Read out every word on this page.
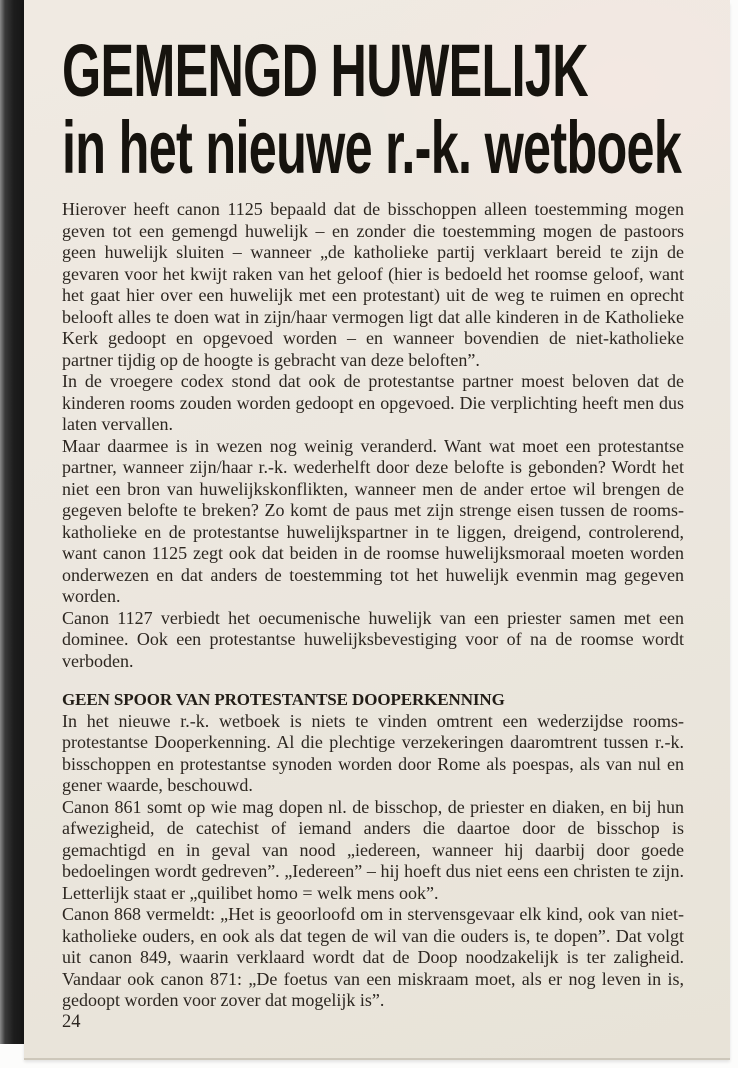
GEMENGD HUWELIJK
in het nieuwe r.-k. wetboek

Hierover heeft canon 1125 bepaald dat de bisschoppen alleen toestemming mogen geven tot een gemengd huwelijk – en zonder die toestemming mogen de pastoors geen huwelijk sluiten – wanneer „de katholieke partij verklaart bereid te zijn de gevaren voor het kwijt raken van het geloof (hier is bedoeld het roomse geloof, want het gaat hier over een huwelijk met een protestant) uit de weg te ruimen en oprecht belooft alles te doen wat in zijn/haar vermogen ligt dat alle kinderen in de Katholieke Kerk gedoopt en opgevoed worden – en wanneer bovendien de niet-katholieke partner tijdig op de hoogte is gebracht van deze beloften”.

In de vroegere codex stond dat ook de protestantse partner moest beloven dat de kinderen rooms zouden worden gedoopt en opgevoed. Die verplichting heeft men dus laten vervallen.

Maar daarmee is in wezen nog weinig veranderd. Want wat moet een protestantse partner, wanneer zijn/haar r.-k. wederhelft door deze belofte is gebonden? Wordt het niet een bron van huwelijkskonflikten, wanneer men de ander ertoe wil brengen de gegeven belofte te breken? Zo komt de paus met zijn strenge eisen tussen de rooms-katholieke en de protestantse huwelijkspartner in te liggen, dreigend, controlerend, want canon 1125 zegt ook dat beiden in de roomse huwelijksmoraal moeten worden onderwezen en dat anders de toestemming tot het huwelijk evenmin mag gegeven worden.

Canon 1127 verbiedt het oecumenische huwelijk van een priester samen met een dominee. Ook een protestantse huwelijksbevestiging voor of na de roomse wordt verboden.

GEEN SPOOR VAN PROTESTANTSE DOOPERKENNING

In het nieuwe r.-k. wetboek is niets te vinden omtrent een wederzijdse rooms-protestantse Dooperkenning. Al die plechtige verzekeringen daaromtrent tussen r.-k. bisschoppen en protestantse synoden worden door Rome als poespas, als van nul en gener waarde, beschouwd.

Canon 861 somt op wie mag dopen nl. de bisschop, de priester en diaken, en bij hun afwezigheid, de catechist of iemand anders die daartoe door de bisschop is gemachtigd en in geval van nood „iedereen, wanneer hij daarbij door goede bedoelingen wordt gedreven”. „Iedereen” – hij hoeft dus niet eens een christen te zijn. Letterlijk staat er „quilibet homo = welk mens ook”.

Canon 868 vermeldt: „Het is geoorloofd om in stervensgevaar elk kind, ook van niet-katholieke ouders, en ook als dat tegen de wil van die ouders is, te dopen”. Dat volgt uit canon 849, waarin verklaard wordt dat de Doop noodzakelijk is ter zaligheid. Vandaar ook canon 871: „De foetus van een miskraam moet, als er nog leven in is, gedoopt worden voor zover dat mogelijk is”.

24
